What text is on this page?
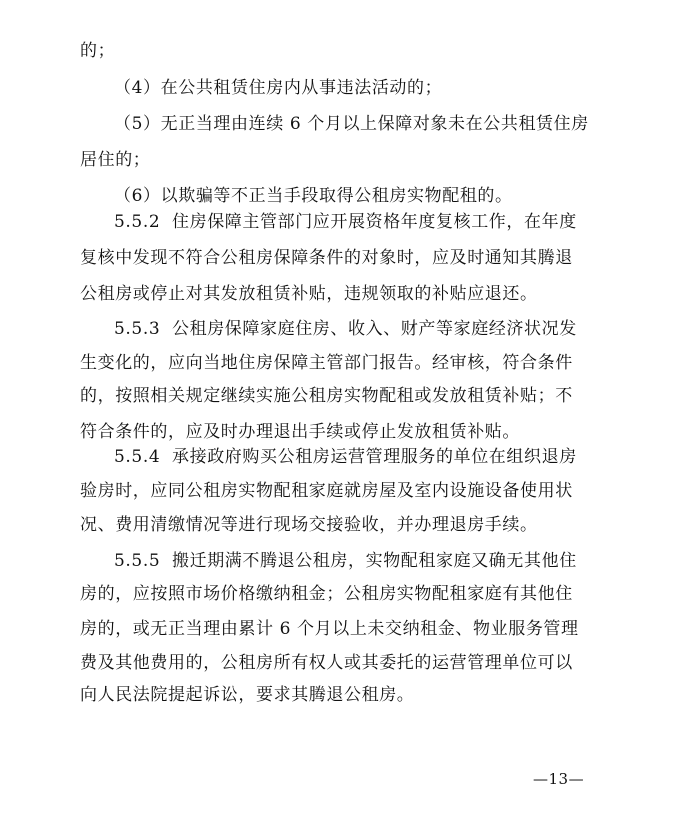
的；
（4）在公共租赁住房内从事违法活动的；
（5）无正当理由连续 6 个月以上保障对象未在公共租赁住房
居住的；
（6）以欺骗等不正当手段取得公租房实物配租的。
5.5.2 住房保障主管部门应开展资格年度复核工作，在年度
复核中发现不符合公租房保障条件的对象时，应及时通知其腾退
公租房或停止对其发放租赁补贴，违规领取的补贴应退还。
5.5.3 公租房保障家庭住房、收入、财产等家庭经济状况发
生变化的，应向当地住房保障主管部门报告。经审核，符合条件
的，按照相关规定继续实施公租房实物配租或发放租赁补贴；不
符合条件的，应及时办理退出手续或停止发放租赁补贴。
5.5.4 承接政府购买公租房运营管理服务的单位在组织退房
验房时，应同公租房实物配租家庭就房屋及室内设施设备使用状
况、费用清缴情况等进行现场交接验收，并办理退房手续。
5.5.5 搬迁期满不腾退公租房，实物配租家庭又确无其他住
房的，应按照市场价格缴纳租金；公租房实物配租家庭有其他住
房的，或无正当理由累计 6 个月以上未交纳租金、物业服务管理
费及其他费用的，公租房所有权人或其委托的运营管理单位可以
向人民法院提起诉讼，要求其腾退公租房。
—13—
